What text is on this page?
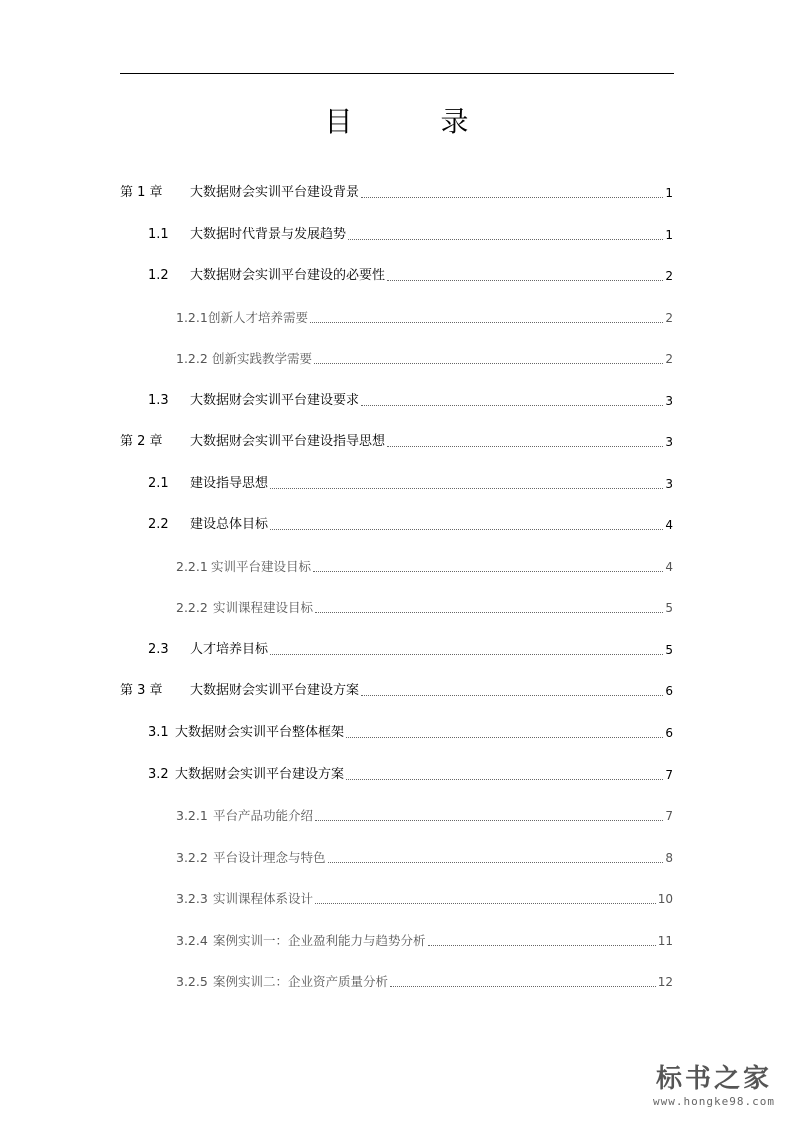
目　录
第 1 章	大数据财会实训平台建设背景	1
1.1	大数据时代背景与发展趋势	1
1.2	大数据财会实训平台建设的必要性	2
1.2.1 创新人才培养需要	2
1.2.2 创新实践教学需要	2
1.3	大数据财会实训平台建设要求	3
第 2 章	大数据财会实训平台建设指导思想	3
2.1	建设指导思想	3
2.2	建设总体目标	4
2.2.1 实训平台建设目标	4
2.2.2 实训课程建设目标	5
2.3	人才培养目标	5
第 3 章	大数据财会实训平台建设方案	6
3.1 大数据财会实训平台整体框架	6
3.2 大数据财会实训平台建设方案	7
3.2.1 平台产品功能介绍	7
3.2.2 平台设计理念与特色	8
3.2.3 实训课程体系设计	10
3.2.4 案例实训一：企业盈利能力与趋势分析	11
3.2.5 案例实训二：企业资产质量分析	12
标书之家
www.hongke98.com
